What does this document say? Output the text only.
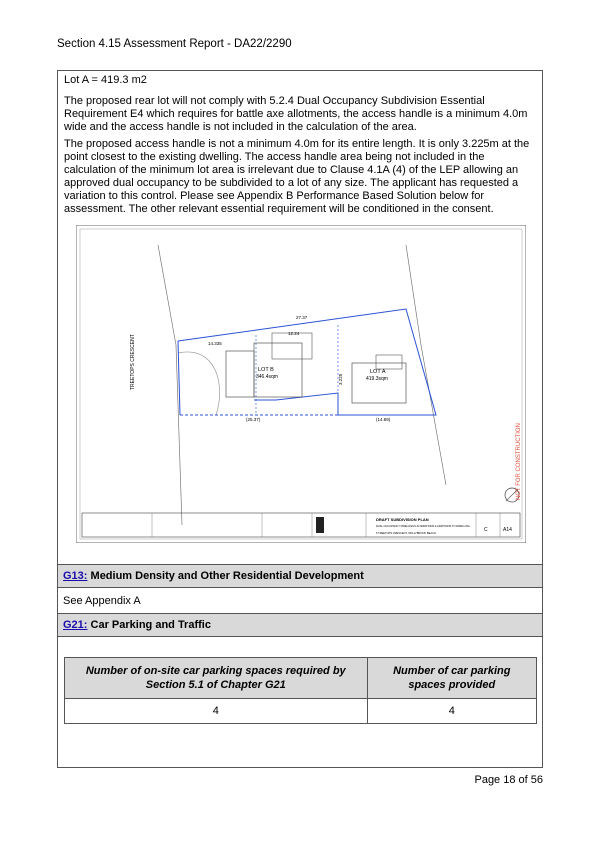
Section 4.15 Assessment Report - DA22/2290
Lot A = 419.3 m2
The proposed rear lot will not comply with 5.2.4 Dual Occupancy Subdivision Essential Requirement E4 which requires for battle axe allotments, the access handle is a minimum 4.0m wide and the access handle is not included in the calculation of the area.
The proposed access handle is not a minimum 4.0m for its entire length. It is only 3.225m at the point closest to the existing dwelling. The access handle area being not included in the calculation of the minimum lot area is irrelevant due to Clause 4.1A (4) of the LEP allowing an approved dual occupancy to be subdivided to a lot of any size. The applicant has requested a variation to this control. Please see Appendix B Performance Based Solution below for assessment. The other relevant essential requirement will be conditioned in the consent.
TREETOPS CRESCENT	LOT B
346.4sqm
LOT A
419.3sqm
27.37
12.24
14.335
(25.37)	(14.89)
3.225
NOT FOR CONSTRUCTION
DRAFT SUBDIVISION PLAN
DUAL OCCUPANCY DWELLINGS ALTERATIONS & ADDITIONS TO DWELLING
5 TREETOPS CRESCENT, SKILLYBROOK BEACH
C	A14
G13: Medium Density and Other Residential Development
See Appendix A
G21: Car Parking and Traffic
Number of on-site car parking spaces required by Section 5.1 of Chapter G21	Number of car parking spaces provided
4	4
Page 18 of 56
